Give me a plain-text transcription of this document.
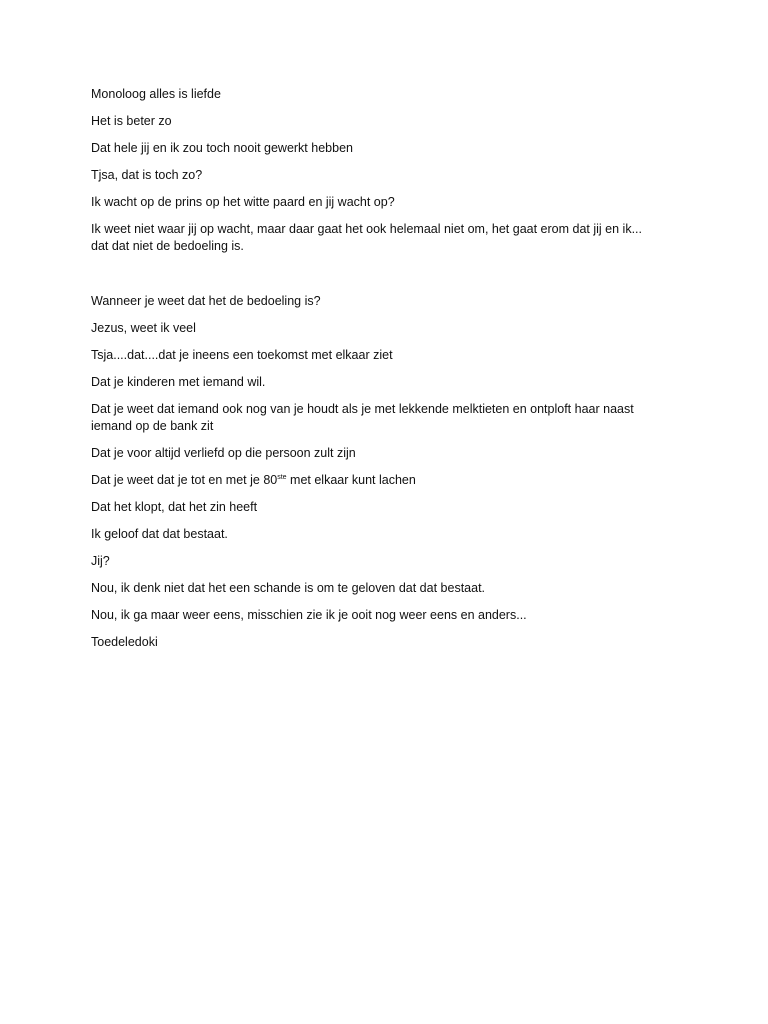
Monoloog alles is liefde

Het is beter zo

Dat hele jij en ik zou toch nooit gewerkt hebben

Tjsa, dat is toch zo?

Ik wacht op de prins op het witte paard en jij wacht op?

Ik weet niet waar jij op wacht, maar daar gaat het ook helemaal niet om, het gaat erom dat jij en ik...
dat dat niet de bedoeling is.

Wanneer je weet dat het de bedoeling is?

Jezus, weet ik veel

Tsja....dat....dat je ineens een toekomst met elkaar ziet

Dat je kinderen met iemand wil.

Dat je weet dat iemand ook nog van je houdt als je met lekkende melktieten en ontploft haar naast
iemand op de bank zit

Dat je voor altijd verliefd op die persoon zult zijn

Dat je weet dat je tot en met je 80ste met elkaar kunt lachen

Dat het klopt, dat het zin heeft

Ik geloof dat dat bestaat.

Jij?

Nou, ik denk niet dat het een schande is om te geloven dat dat bestaat.

Nou, ik ga maar weer eens, misschien zie ik je ooit nog weer eens en anders...

Toedeledoki
